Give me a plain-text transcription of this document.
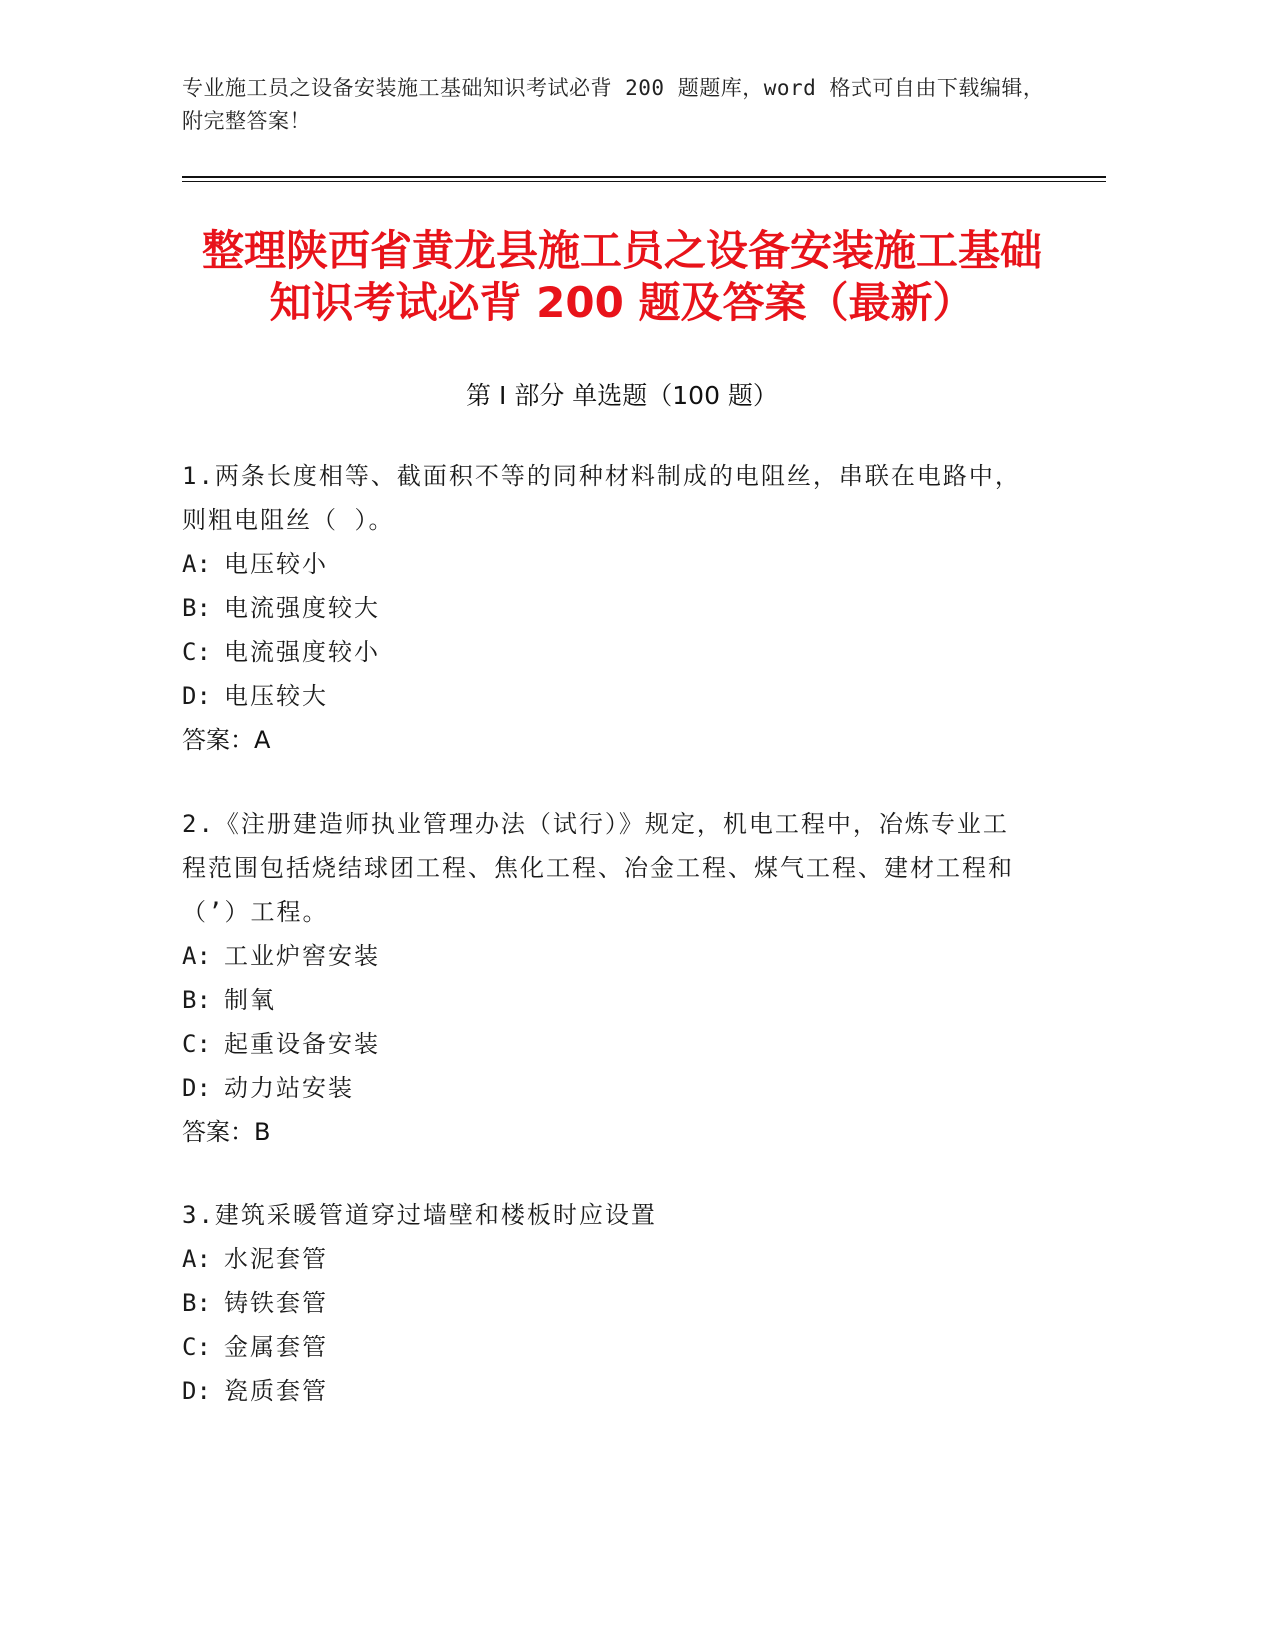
专业施工员之设备安装施工基础知识考试必背 200 题题库，word 格式可自由下载编辑，附完整答案！
整理陕西省黄龙县施工员之设备安装施工基础知识考试必背 200 题及答案（最新）
第 I 部分 单选题（100 题）
1.两条长度相等、截面积不等的同种材料制成的电阻丝，串联在电路中，则粗电阻丝（ ）。
A: 电压较小
B: 电流强度较大
C: 电流强度较小
D: 电压较大
答案：A
2.《注册建造师执业管理办法（试行）》规定，机电工程中，冶炼专业工程范围包括烧结球团工程、焦化工程、冶金工程、煤气工程、建材工程和（’）工程。
A: 工业炉窖安装
B: 制氧
C: 起重设备安装
D: 动力站安装
答案：B
3.建筑采暖管道穿过墙壁和楼板时应设置
A: 水泥套管
B: 铸铁套管
C: 金属套管
D: 瓷质套管
